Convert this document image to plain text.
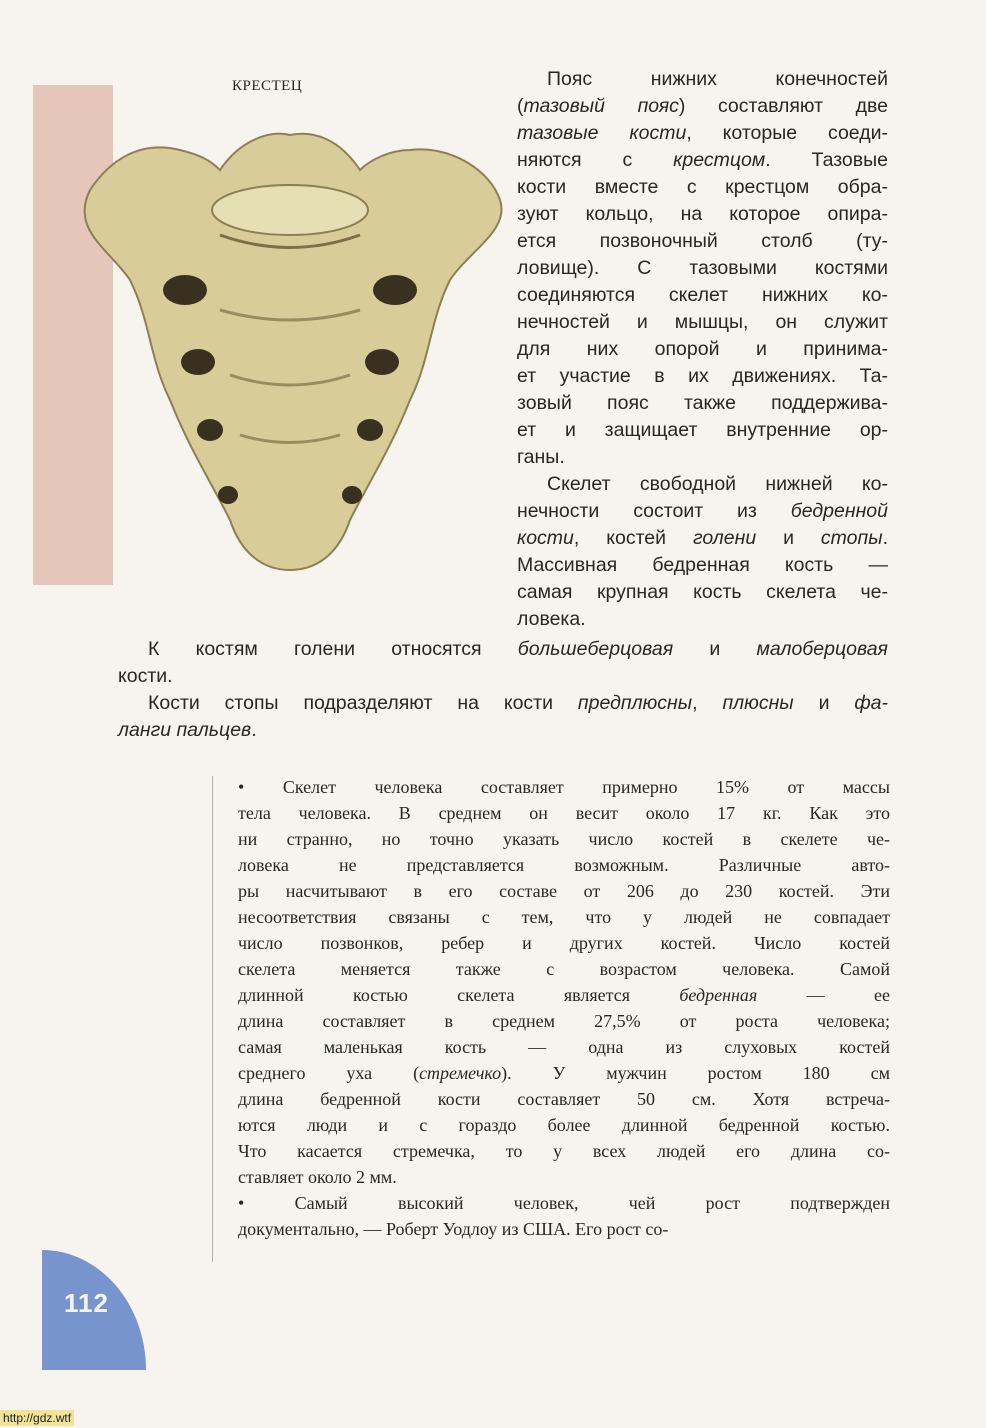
КРЕСТЕЦ	Пояс нижних конечностей
(тазовый пояс) составляют две
тазовые кости, которые соеди-
няются с крестцом. Тазовые
кости вместе с крестцом обра-
зуют кольцо, на которое опира-
ется позвоночный столб (ту-
ловище). С тазовыми костями
соединяются скелет нижних ко-
нечностей и мышцы, он служит
для них опорой и принима-
ет участие в их движениях. Та-
зовый пояс также поддержива-
ет и защищает внутренние ор-
ганы.
Скелет свободной нижней ко-
нечности состоит из бедренной
кости, костей голени и стопы.
Массивная бедренная кость —
самая крупная кость скелета че-
ловека.
К костям голени относятся большеберцовая и малоберцовая
кости.
Кости стопы подразделяют на кости предплюсны, плюсны и фа-
ланги пальцев.
• Скелет человека составляет примерно 15% от массы
тела человека. В среднем он весит около 17 кг. Как это
ни странно, но точно указать число костей в скелете че-
ловека не представляется возможным. Различные авто-
ры насчитывают в его составе от 206 до 230 костей. Эти
несоответствия связаны с тем, что у людей не совпадает
число позвонков, ребер и других костей. Число костей
скелета меняется также с возрастом человека. Самой
длинной костью скелета является бедренная — ее
длина составляет в среднем 27,5% от роста человека;
самая маленькая кость — одна из слуховых костей
среднего уха (стремечко). У мужчин ростом 180 см
длина бедренной кости составляет 50 см. Хотя встреча-
ются люди и с гораздо более длинной бедренной костью.
Что касается стремечка, то у всех людей его длина со-
ставляет около 2 мм.
• Самый высокий человек, чей рост подтвержден
документально, — Роберт Уодлоу из США. Его рост со-
112
http://gdz.wtf
